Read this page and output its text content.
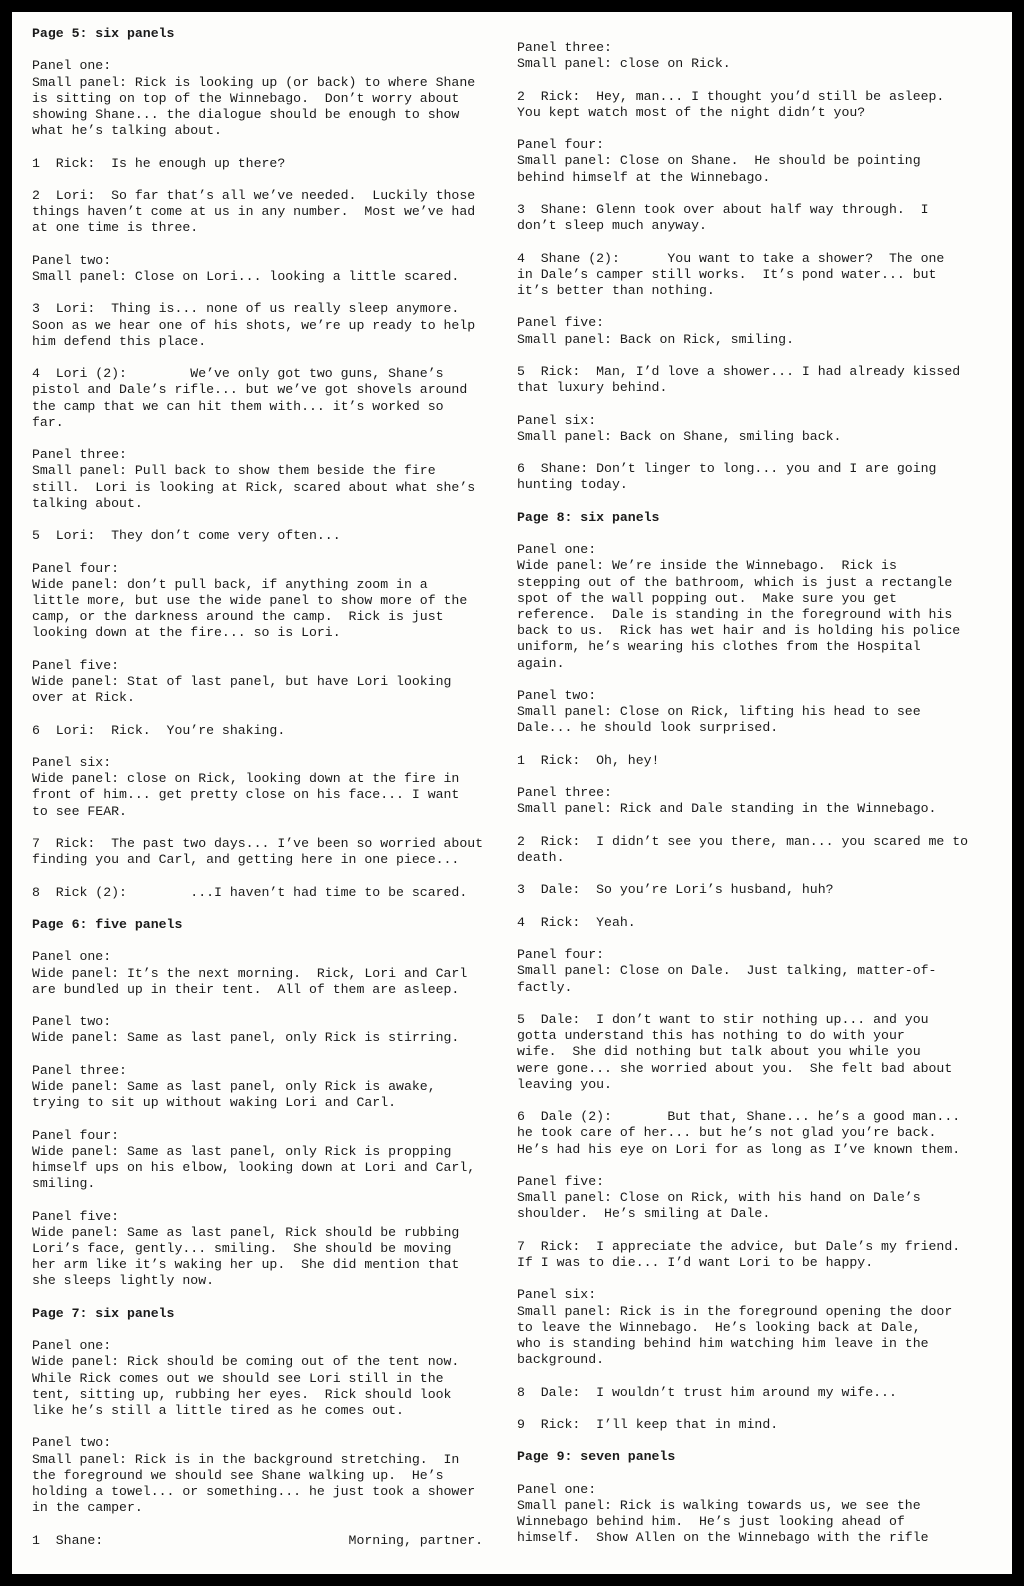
Page 5: six panels
Panel one:
Small panel: Rick is looking up (or back) to where Shane
is sitting on top of the Winnebago.  Don’t worry about
showing Shane... the dialogue should be enough to show
what he’s talking about.
1  Rick:  Is he enough up there?
2  Lori:  So far that’s all we’ve needed.  Luckily those
things haven’t come at us in any number.  Most we’ve had
at one time is three.
Panel two:
Small panel: Close on Lori... looking a little scared.
3  Lori:  Thing is... none of us really sleep anymore.
Soon as we hear one of his shots, we’re up ready to help
him defend this place.
4  Lori (2):        We’ve only got two guns, Shane’s
pistol and Dale’s rifle... but we’ve got shovels around
the camp that we can hit them with... it’s worked so
far.
Panel three:
Small panel: Pull back to show them beside the fire
still.  Lori is looking at Rick, scared about what she’s
talking about.
5  Lori:  They don’t come very often...
Panel four:
Wide panel: don’t pull back, if anything zoom in a
little more, but use the wide panel to show more of the
camp, or the darkness around the camp.  Rick is just
looking down at the fire... so is Lori.
Panel five:
Wide panel: Stat of last panel, but have Lori looking
over at Rick.
6  Lori:  Rick.  You’re shaking.
Panel six:
Wide panel: close on Rick, looking down at the fire in
front of him... get pretty close on his face... I want
to see FEAR.
7  Rick:  The past two days... I’ve been so worried about
finding you and Carl, and getting here in one piece...
8  Rick (2):        ...I haven’t had time to be scared.
Page 6: five panels
Panel one:
Wide panel: It’s the next morning.  Rick, Lori and Carl
are bundled up in their tent.  All of them are asleep.
Panel two:
Wide panel: Same as last panel, only Rick is stirring.
Panel three:
Wide panel: Same as last panel, only Rick is awake,
trying to sit up without waking Lori and Carl.
Panel four:
Wide panel: Same as last panel, only Rick is propping
himself ups on his elbow, looking down at Lori and Carl,
smiling.
Panel five:
Wide panel: Same as last panel, Rick should be rubbing
Lori’s face, gently... smiling.  She should be moving
her arm like it’s waking her up.  She did mention that
she sleeps lightly now.
Page 7: six panels
Panel one:
Wide panel: Rick should be coming out of the tent now.
While Rick comes out we should see Lori still in the
tent, sitting up, rubbing her eyes.  Rick should look
like he’s still a little tired as he comes out.
Panel two:
Small panel: Rick is in the background stretching.  In
the foreground we should see Shane walking up.  He’s
holding a towel... or something... he just took a shower
in the camper.
1  Shane:                               Morning, partner.
Panel three:
Small panel: close on Rick.
2  Rick:  Hey, man... I thought you’d still be asleep.
You kept watch most of the night didn’t you?
Panel four:
Small panel: Close on Shane.  He should be pointing
behind himself at the Winnebago.
3  Shane: Glenn took over about half way through.  I
don’t sleep much anyway.
4  Shane (2):      You want to take a shower?  The one
in Dale’s camper still works.  It’s pond water... but
it’s better than nothing.
Panel five:
Small panel: Back on Rick, smiling.
5  Rick:  Man, I’d love a shower... I had already kissed
that luxury behind.
Panel six:
Small panel: Back on Shane, smiling back.
6  Shane: Don’t linger to long... you and I are going
hunting today.
Page 8: six panels
Panel one:
Wide panel: We’re inside the Winnebago.  Rick is
stepping out of the bathroom, which is just a rectangle
spot of the wall popping out.  Make sure you get
reference.  Dale is standing in the foreground with his
back to us.  Rick has wet hair and is holding his police
uniform, he’s wearing his clothes from the Hospital
again.
Panel two:
Small panel: Close on Rick, lifting his head to see
Dale... he should look surprised.
1  Rick:  Oh, hey!
Panel three:
Small panel: Rick and Dale standing in the Winnebago.
2  Rick:  I didn’t see you there, man... you scared me to
death.
3  Dale:  So you’re Lori’s husband, huh?
4  Rick:  Yeah.
Panel four:
Small panel: Close on Dale.  Just talking, matter-of-
factly.
5  Dale:  I don’t want to stir nothing up... and you
gotta understand this has nothing to do with your
wife.  She did nothing but talk about you while you
were gone... she worried about you.  She felt bad about
leaving you.
6  Dale (2):       But that, Shane... he’s a good man...
he took care of her... but he’s not glad you’re back.
He’s had his eye on Lori for as long as I’ve known them.
Panel five:
Small panel: Close on Rick, with his hand on Dale’s
shoulder.  He’s smiling at Dale.
7  Rick:  I appreciate the advice, but Dale’s my friend.
If I was to die... I’d want Lori to be happy.
Panel six:
Small panel: Rick is in the foreground opening the door
to leave the Winnebago.  He’s looking back at Dale,
who is standing behind him watching him leave in the
background.
8  Dale:  I wouldn’t trust him around my wife...
9  Rick:  I’ll keep that in mind.
Page 9: seven panels
Panel one:
Small panel: Rick is walking towards us, we see the
Winnebago behind him.  He’s just looking ahead of
himself.  Show Allen on the Winnebago with the rifle
